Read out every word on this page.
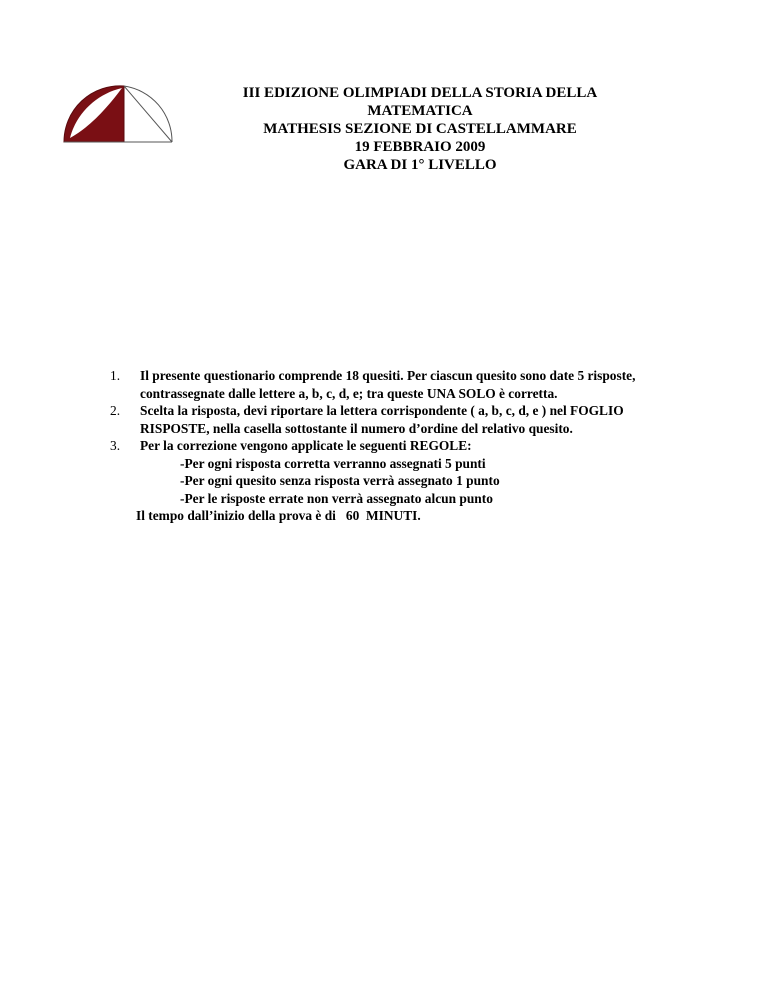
III EDIZIONE OLIMPIADI DELLA STORIA DELLA
MATEMATICA
MATHESIS SEZIONE DI CASTELLAMMARE
19 FEBBRAIO 2009
GARA DI 1° LIVELLO
1. Il presente questionario comprende 18 quesiti. Per ciascun quesito sono date 5 risposte, contrassegnate dalle lettere a, b, c, d, e; tra queste UNA SOLO è corretta.
2. Scelta la risposta, devi riportare la lettera corrispondente ( a, b, c, d, e ) nel FOGLIO RISPOSTE, nella casella sottostante il numero d’ordine del relativo quesito.
3. Per la correzione vengono applicate le seguenti REGOLE:
-Per ogni risposta corretta verranno assegnati 5 punti
-Per ogni quesito senza risposta verrà assegnato 1 punto
-Per le risposte errate non verrà assegnato alcun punto
Il tempo dall’inizio della prova è di   60  MINUTI.
